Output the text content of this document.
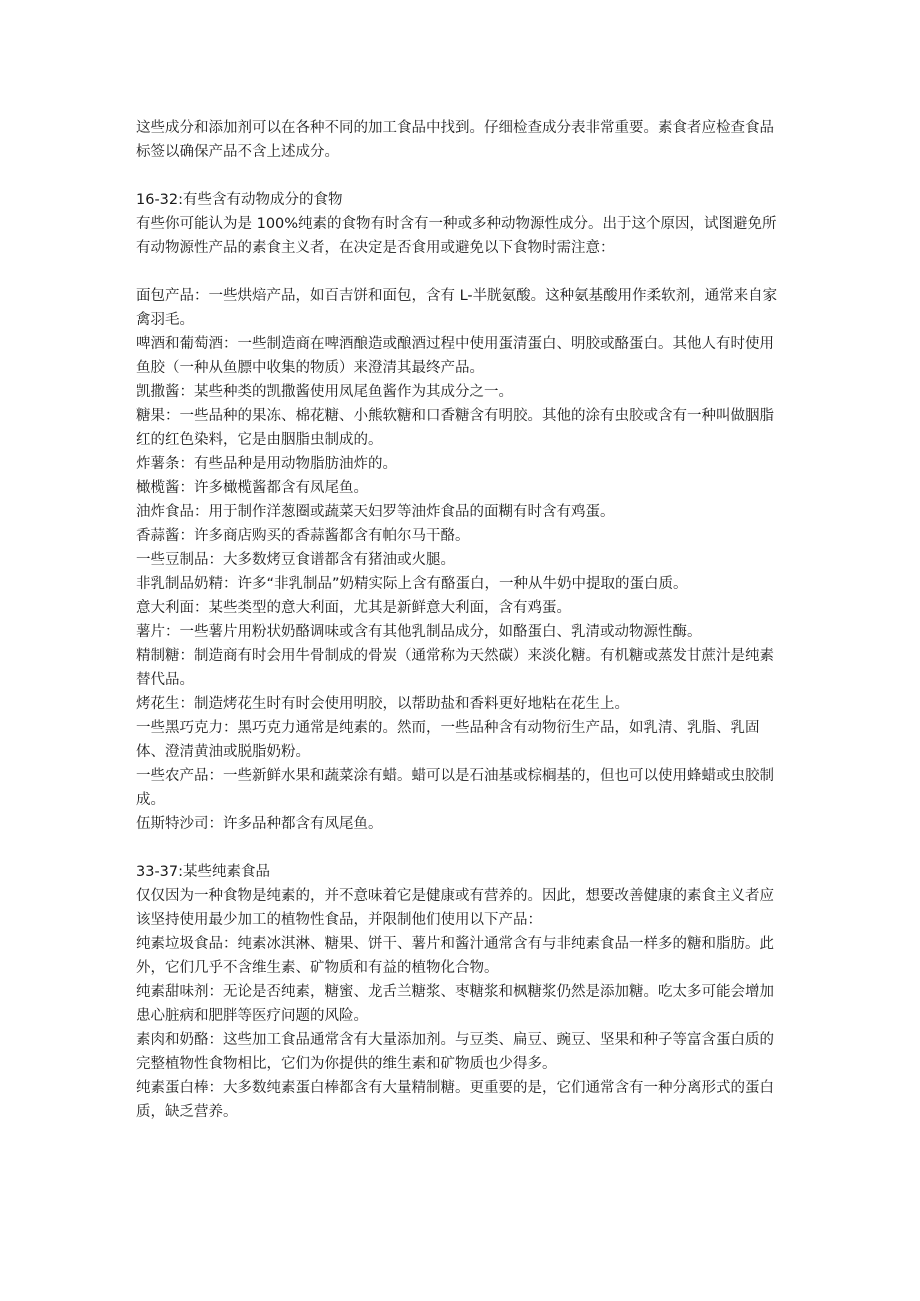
这些成分和添加剂可以在各种不同的加工食品中找到。仔细检查成分表非常重要。素食者应检查食品标签以确保产品不含上述成分。

16-32:有些含有动物成分的食物

有些你可能认为是 100%纯素的食物有时含有一种或多种动物源性成分。出于这个原因，试图避免所有动物源性产品的素食主义者，在决定是否食用或避免以下食物时需注意：

面包产品：一些烘焙产品，如百吉饼和面包，含有 L-半胱氨酸。这种氨基酸用作柔软剂，通常来自家禽羽毛。

啤酒和葡萄酒：一些制造商在啤酒酿造或酿酒过程中使用蛋清蛋白、明胶或酪蛋白。其他人有时使用鱼胶（一种从鱼膘中收集的物质）来澄清其最终产品。

凯撒酱：某些种类的凯撒酱使用凤尾鱼酱作为其成分之一。

糖果：一些品种的果冻、棉花糖、小熊软糖和口香糖含有明胶。其他的涂有虫胶或含有一种叫做胭脂红的红色染料，它是由胭脂虫制成的。

炸薯条：有些品种是用动物脂肪油炸的。

橄榄酱：许多橄榄酱都含有凤尾鱼。

油炸食品：用于制作洋葱圈或蔬菜天妇罗等油炸食品的面糊有时含有鸡蛋。

香蒜酱：许多商店购买的香蒜酱都含有帕尔马干酪。

一些豆制品：大多数烤豆食谱都含有猪油或火腿。

非乳制品奶精：许多“非乳制品”奶精实际上含有酪蛋白，一种从牛奶中提取的蛋白质。

意大利面：某些类型的意大利面，尤其是新鲜意大利面，含有鸡蛋。

薯片：一些薯片用粉状奶酪调味或含有其他乳制品成分，如酪蛋白、乳清或动物源性酶。

精制糖：制造商有时会用牛骨制成的骨炭（通常称为天然碳）来淡化糖。有机糖或蒸发甘蔗汁是纯素替代品。

烤花生：制造烤花生时有时会使用明胶，以帮助盐和香料更好地粘在花生上。

一些黑巧克力：黑巧克力通常是纯素的。然而，一些品种含有动物衍生产品，如乳清、乳脂、乳固体、澄清黄油或脱脂奶粉。

一些农产品：一些新鲜水果和蔬菜涂有蜡。蜡可以是石油基或棕榈基的，但也可以使用蜂蜡或虫胶制成。

伍斯特沙司：许多品种都含有凤尾鱼。

33-37:某些纯素食品

仅仅因为一种食物是纯素的，并不意味着它是健康或有营养的。因此，想要改善健康的素食主义者应该坚持使用最少加工的植物性食品，并限制他们使用以下产品：

纯素垃圾食品：纯素冰淇淋、糖果、饼干、薯片和酱汁通常含有与非纯素食品一样多的糖和脂肪。此外，它们几乎不含维生素、矿物质和有益的植物化合物。

纯素甜味剂：无论是否纯素，糖蜜、龙舌兰糖浆、枣糖浆和枫糖浆仍然是添加糖。吃太多可能会增加患心脏病和肥胖等医疗问题的风险。

素肉和奶酪：这些加工食品通常含有大量添加剂。与豆类、扁豆、豌豆、坚果和种子等富含蛋白质的完整植物性食物相比，它们为你提供的维生素和矿物质也少得多。

纯素蛋白棒：大多数纯素蛋白棒都含有大量精制糖。更重要的是，它们通常含有一种分离形式的蛋白质，缺乏营养。
